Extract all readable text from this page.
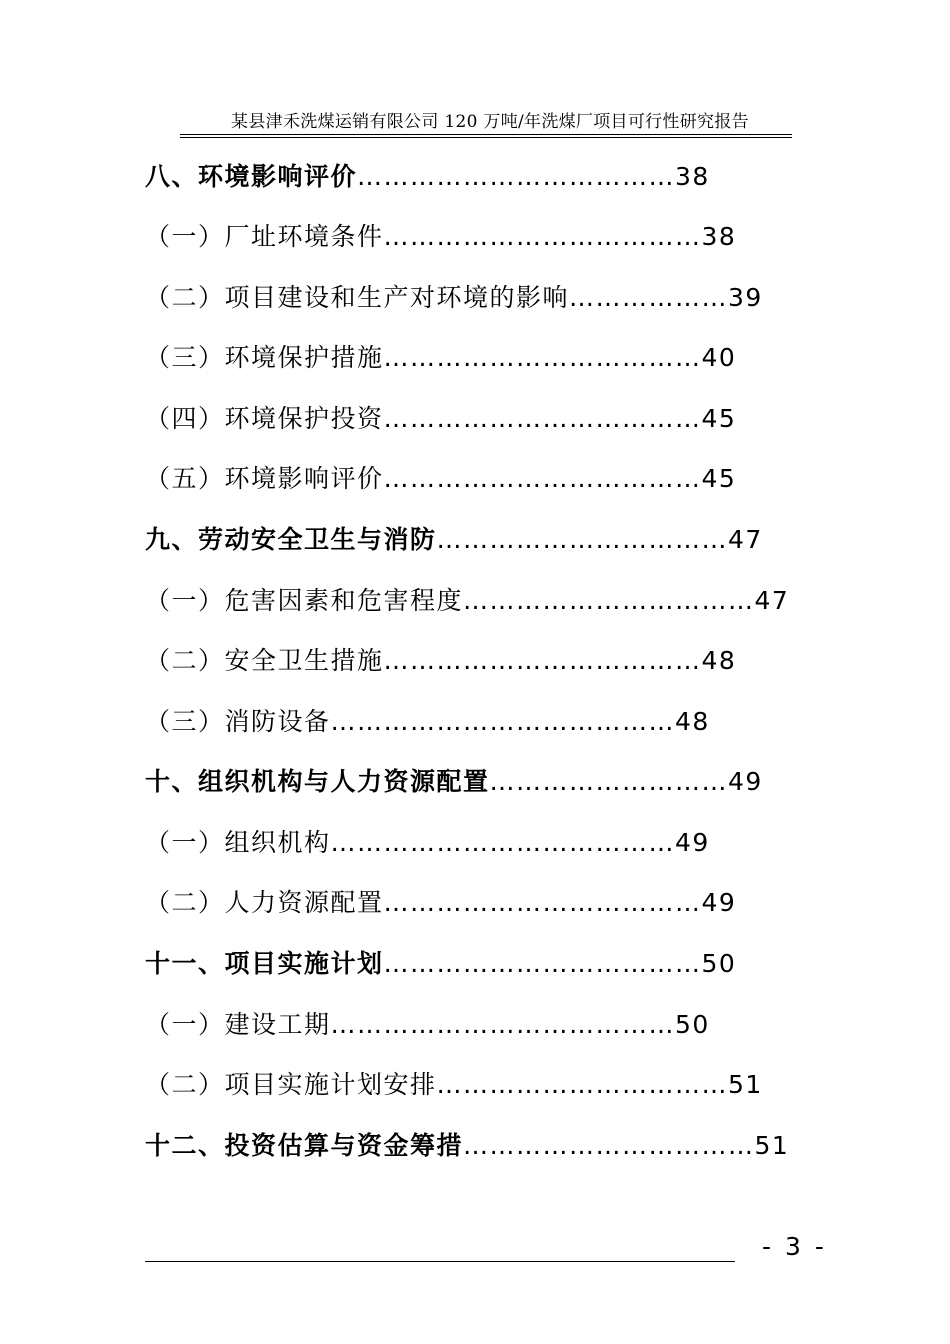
某县津禾洗煤运销有限公司 120 万吨/年洗煤厂项目可行性研究报告
八、环境影响评价………………………………38
（一）厂址环境条件………………………………38
（二）项目建设和生产对环境的影响………………39
（三）环境保护措施………………………………40
（四）环境保护投资………………………………45
（五）环境影响评价………………………………45
九、劳动安全卫生与消防……………………………47
（一）危害因素和危害程度……………………………47
（二）安全卫生措施………………………………48
（三）消防设备…………………………………48
十、组织机构与人力资源配置………………………49
（一）组织机构…………………………………49
（二）人力资源配置………………………………49
十一、项目实施计划………………………………50
（一）建设工期…………………………………50
（二）项目实施计划安排……………………………51
十二、投资估算与资金筹措……………………………51
- 3 -
